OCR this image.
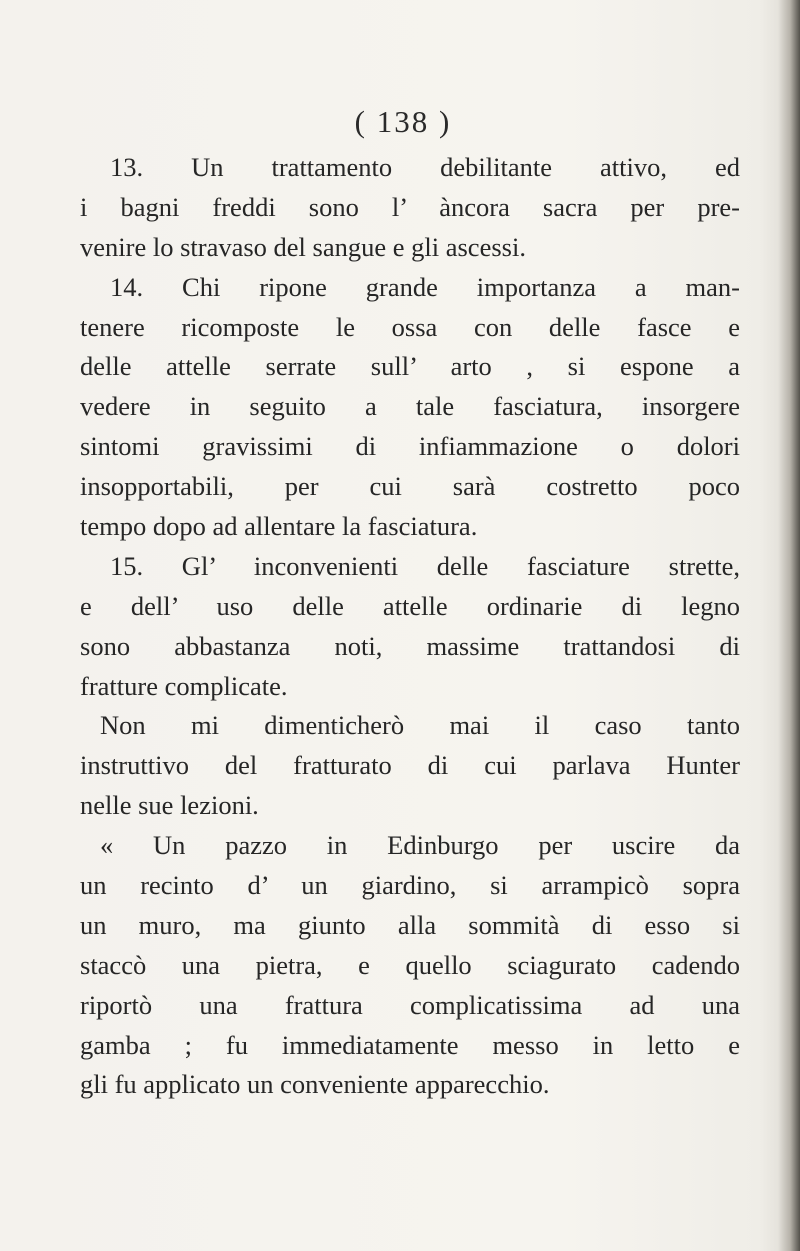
( 138 )
13. Un trattamento debilitante attivo, ed
i bagni freddi sono l’ àncora sacra per pre-
venire lo stravaso del sangue e gli ascessi.
14. Chi ripone grande importanza a man-
tenere ricomposte le ossa con delle fasce e
delle attelle serrate sull’ arto , si espone a
vedere in seguito a tale fasciatura, insorgere
sintomi gravissimi di infiammazione o dolori
insopportabili, per cui sarà costretto poco
tempo dopo ad allentare la fasciatura.
15. Gl’ inconvenienti delle fasciature strette,
e dell’ uso delle attelle ordinarie di legno
sono abbastanza noti, massime trattandosi di
fratture complicate.
Non mi dimenticherò mai il caso tanto
instruttivo del fratturato di cui parlava Hunter
nelle sue lezioni.
« Un pazzo in Edinburgo per uscire da
un recinto d’ un giardino, si arrampicò sopra
un muro, ma giunto alla sommità di esso si
staccò una pietra, e quello sciagurato cadendo
riportò una frattura complicatissima ad una
gamba ; fu immediatamente messo in letto e
gli fu applicato un conveniente apparecchio.
